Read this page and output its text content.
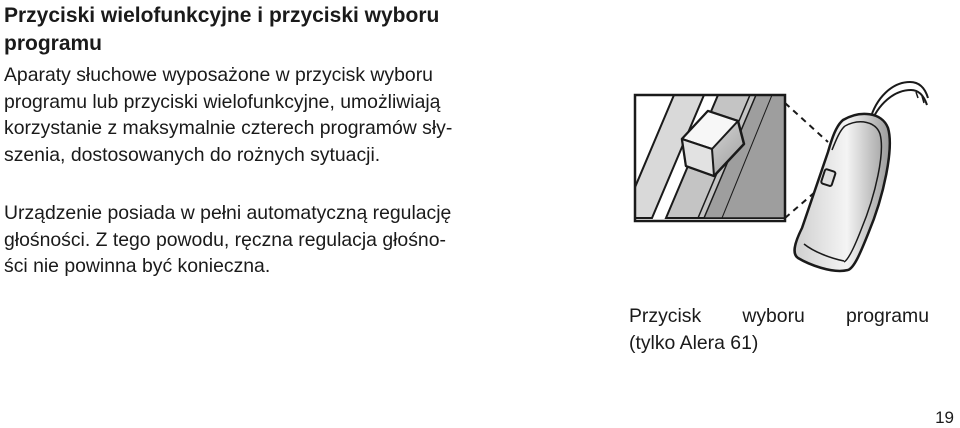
Przyciski wielofunkcyjne i przyciski wyboru
programu

Aparaty słuchowe wyposażone w przycisk wyboru
programu lub przyciski wielofunkcyjne, umożliwiają
korzystanie z maksymalnie czterech programów sły-
szenia, dostosowanych do rożnych sytuacji.

Urządzenie posiada w pełni automatyczną regulację
głośności. Z tego powodu, ręczna regulacja głośno-
ści nie powinna być konieczna.

Przycisk wyboru programu
(tylko Alera 61)
19
